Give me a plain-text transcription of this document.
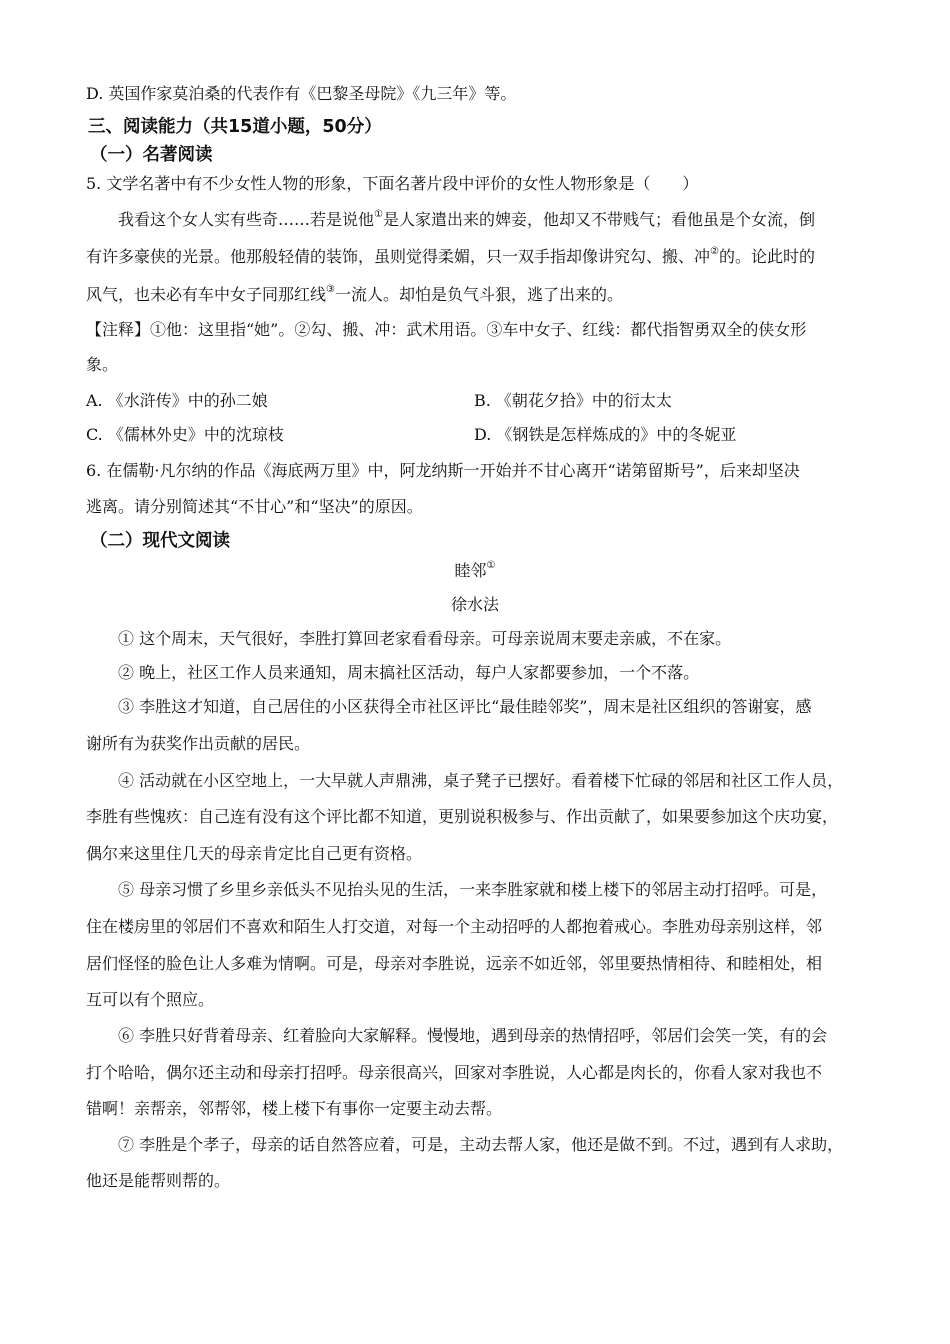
D. 英国作家莫泊桑的代表作有《巴黎圣母院》《九三年》等。
三、阅读能力（共15道小题，50分）
（一）名著阅读
5. 文学名著中有不少女性人物的形象，下面名著片段中评价的女性人物形象是（　　）
我看这个女人实有些奇……若是说他①是人家遣出来的婢妾，他却又不带贱气；看他虽是个女流，倒
有许多豪侠的光景。他那般轻倩的装饰，虽则觉得柔媚，只一双手指却像讲究勾、搬、冲②的。论此时的
风气，也未必有车中女子同那红线③一流人。却怕是负气斗狠，逃了出来的。
【注释】①他：这里指“她”。②勾、搬、冲：武术用语。③车中女子、红线：都代指智勇双全的侠女形
象。
A. 《水浒传》中的孙二娘	B. 《朝花夕拾》中的衍太太
C. 《儒林外史》中的沈琼枝	D. 《钢铁是怎样炼成的》中的冬妮亚
6. 在儒勒·凡尔纳的作品《海底两万里》中，阿龙纳斯一开始并不甘心离开“诺第留斯号”，后来却坚决
逃离。请分别简述其“不甘心”和“坚决”的原因。
（二）现代文阅读
睦邻①
徐水法
① 这个周末，天气很好，李胜打算回老家看看母亲。可母亲说周末要走亲戚，不在家。
② 晚上，社区工作人员来通知，周末搞社区活动，每户人家都要参加，一个不落。
③ 李胜这才知道，自己居住的小区获得全市社区评比“最佳睦邻奖”，周末是社区组织的答谢宴，感
谢所有为获奖作出贡献的居民。
④ 活动就在小区空地上，一大早就人声鼎沸，桌子凳子已摆好。看着楼下忙碌的邻居和社区工作人员，
李胜有些愧疚：自己连有没有这个评比都不知道，更别说积极参与、作出贡献了，如果要参加这个庆功宴，
偶尔来这里住几天的母亲肯定比自己更有资格。
⑤ 母亲习惯了乡里乡亲低头不见抬头见的生活，一来李胜家就和楼上楼下的邻居主动打招呼。可是，
住在楼房里的邻居们不喜欢和陌生人打交道，对每一个主动招呼的人都抱着戒心。李胜劝母亲别这样，邻
居们怪怪的脸色让人多难为情啊。可是，母亲对李胜说，远亲不如近邻，邻里要热情相待、和睦相处，相
互可以有个照应。
⑥ 李胜只好背着母亲、红着脸向大家解释。慢慢地，遇到母亲的热情招呼，邻居们会笑一笑，有的会
打个哈哈，偶尔还主动和母亲打招呼。母亲很高兴，回家对李胜说，人心都是肉长的，你看人家对我也不
错啊！亲帮亲，邻帮邻，楼上楼下有事你一定要主动去帮。
⑦ 李胜是个孝子，母亲的话自然答应着，可是，主动去帮人家，他还是做不到。不过，遇到有人求助，
他还是能帮则帮的。
